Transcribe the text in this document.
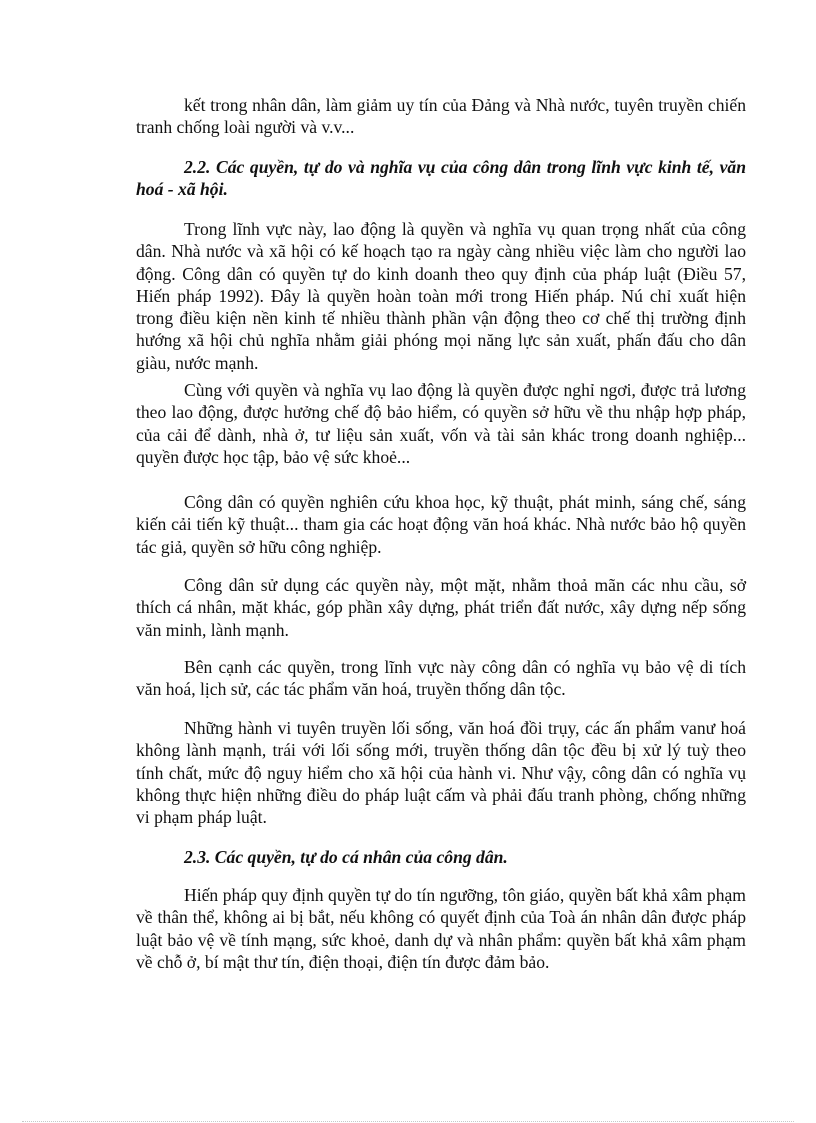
kết trong nhân dân, làm giảm uy tín của Đảng và Nhà nước, tuyên truyền chiến tranh chống loài người và v.v...

2.2. Các quyền, tự do và nghĩa vụ của công dân trong lĩnh vực kinh tế, văn hoá - xã hội.

Trong lĩnh vực này, lao động là quyền và nghĩa vụ quan trọng nhất của công dân. Nhà nước và xã hội có kế hoạch tạo ra ngày càng nhiều việc làm cho người lao động. Công dân có quyền tự do kinh doanh theo quy định của pháp luật (Điều 57, Hiến pháp 1992). Đây là quyền hoàn toàn mới trong Hiến pháp. Nú chỉ xuất hiện trong điều kiện nền kinh tế nhiều thành phần vận động theo cơ chế thị trường định hướng xã hội chủ nghĩa nhằm giải phóng mọi năng lực sản xuất, phấn đấu cho dân giàu, nước mạnh.

Cùng với quyền và nghĩa vụ lao động là quyền được nghỉ ngơi, được trả lương theo lao động, được hưởng chế độ bảo hiểm, có quyền sở hữu về thu nhập hợp pháp, của cải để dành, nhà ở, tư liệu sản xuất, vốn và tài sản khác trong doanh nghiệp... quyền được học tập, bảo vệ sức khoẻ...

Công dân có quyền nghiên cứu khoa học, kỹ thuật, phát minh, sáng chế, sáng kiến cải tiến kỹ thuật... tham gia các hoạt động văn hoá khác. Nhà nước bảo hộ quyền tác giả, quyền sở hữu công nghiệp.

Công dân sử dụng các quyền này, một mặt, nhằm thoả mãn các nhu cầu, sở thích cá nhân, mặt khác, góp phần xây dựng, phát triển đất nước, xây dựng nếp sống văn minh, lành mạnh.

Bên cạnh các quyền, trong lĩnh vực này công dân có nghĩa vụ bảo vệ di tích văn hoá, lịch sử, các tác phẩm văn hoá, truyền thống dân tộc.

Những hành vi tuyên truyền lối sống, văn hoá đồi trụy, các ấn phẩm vanư hoá không lành mạnh, trái với lối sống mới, truyền thống dân tộc đều bị xử lý tuỳ theo tính chất, mức độ nguy hiểm cho xã hội của hành vi. Như vậy, công dân có nghĩa vụ không thực hiện những điều do pháp luật cấm và phải đấu tranh phòng, chống những vi phạm pháp luật.

2.3. Các quyền, tự do cá nhân của công dân.

Hiến pháp quy định quyền tự do tín ngưỡng, tôn giáo, quyền bất khả xâm phạm về thân thể, không ai bị bắt, nếu không có quyết định của Toà án nhân dân được pháp luật bảo vệ về tính mạng, sức khoẻ, danh dự và nhân phẩm: quyền bất khả xâm phạm về chỗ ở, bí mật thư tín, điện thoại, điện tín được đảm bảo.
